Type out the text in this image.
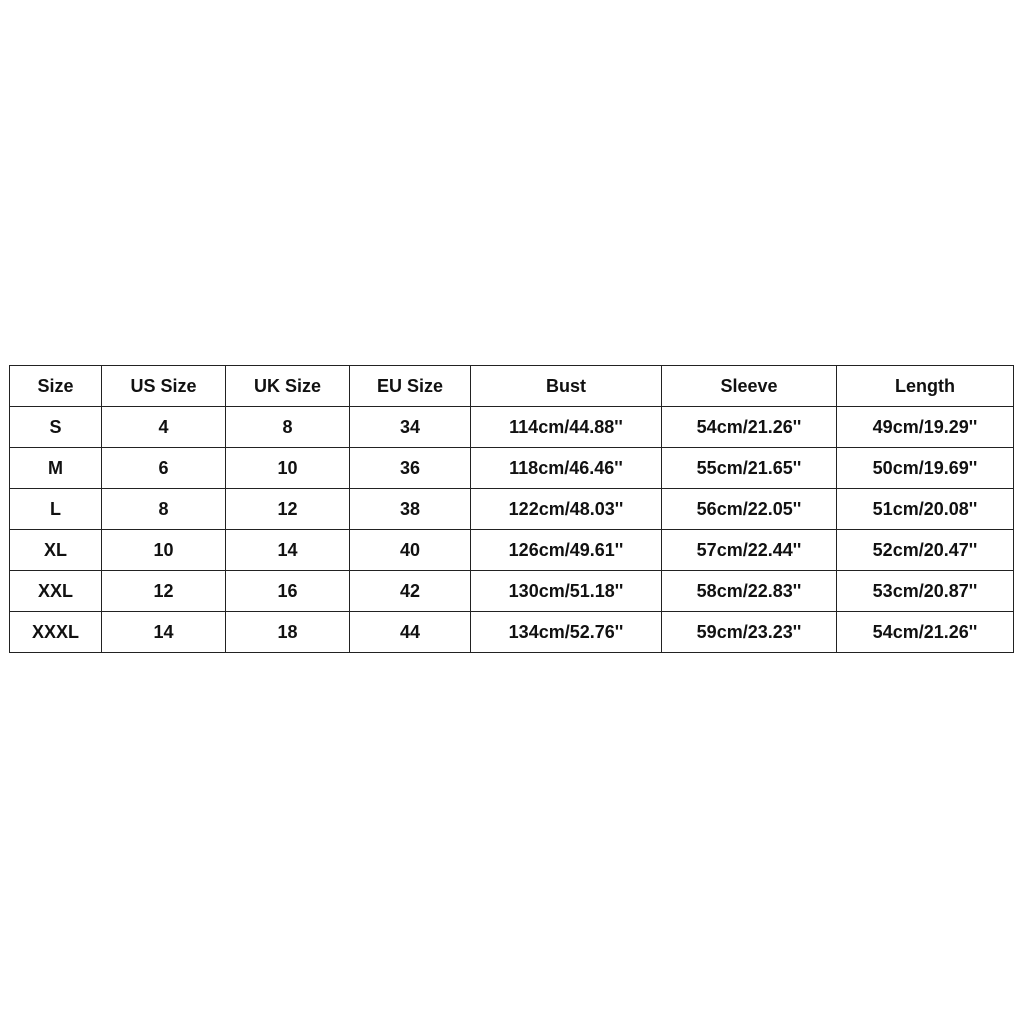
Size	US Size	UK Size	EU Size	Bust	Sleeve	Length
S	4	8	34	114cm/44.88''	54cm/21.26''	49cm/19.29''
M	6	10	36	118cm/46.46''	55cm/21.65''	50cm/19.69''
L	8	12	38	122cm/48.03''	56cm/22.05''	51cm/20.08''
XL	10	14	40	126cm/49.61''	57cm/22.44''	52cm/20.47''
XXL	12	16	42	130cm/51.18''	58cm/22.83''	53cm/20.87''
XXXL	14	18	44	134cm/52.76''	59cm/23.23''	54cm/21.26''
